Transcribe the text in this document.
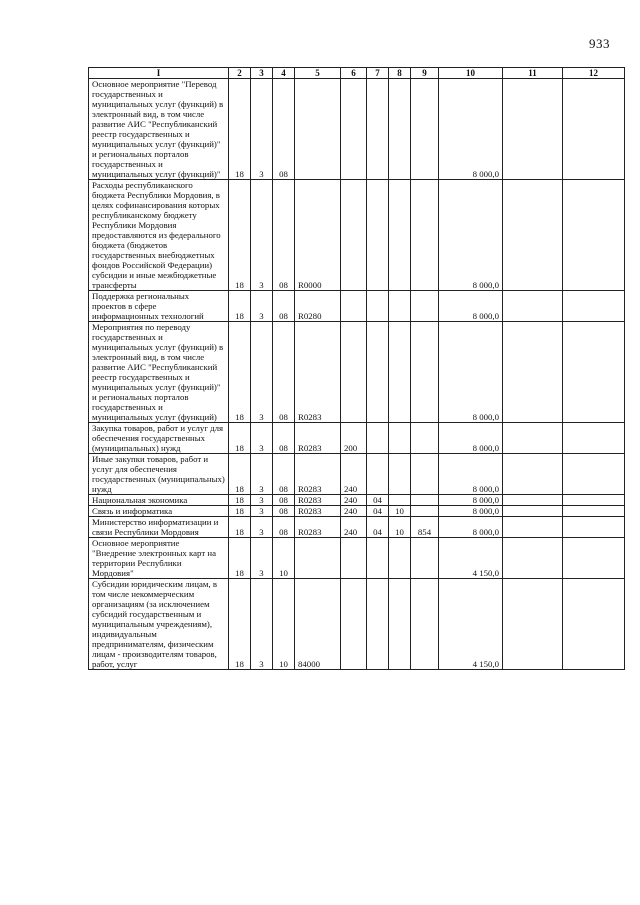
933
I	2	3	4	5	6	7	8	9	10	11	12
Основное мероприятие "Перевод государственных и муниципальных услуг (функций) в электронный вид, в том числе развитие АИС "Республиканский реестр государственных и муниципальных услуг (функций)" и региональных порталов государственных и муниципальных услуг (функций)"	18	3	08						8 000,0		
Расходы республиканского бюджета Республики Мордовия, в целях софинансирования которых республиканскому бюджету Республики Мордовия предоставляются из федерального бюджета (бюджетов государственных внебюджетных фондов Российской Федерации) субсидии и иные межбюджетные трансферты	18	3	08	R0000					8 000,0		
Поддержка региональных проектов в сфере информационных технологий	18	3	08	R0280					8 000,0		
Мероприятия по переводу государственных и муниципальных услуг (функций) в электронный вид, в том числе развитие АИС "Республиканский реестр государственных и муниципальных услуг (функций)" и региональных порталов государственных и муниципальных услуг (функций)	18	3	08	R0283					8 000,0		
Закупка товаров, работ и услуг для обеспечения государственных (муниципальных) нужд	18	3	08	R0283	200				8 000,0		
Иные закупки товаров, работ и услуг для обеспечения государственных (муниципальных) нужд	18	3	08	R0283	240				8 000,0		
Национальная экономика	18	3	08	R0283	240	04			8 000,0		
Связь и информатика	18	3	08	R0283	240	04	10		8 000,0		
Министерство информатизации и связи Республики Мордовия	18	3	08	R0283	240	04	10	854	8 000,0		
Основное мероприятие "Внедрение электронных карт на территории Республики Мордовия"	18	3	10						4 150,0		
Субсидии юридическим лицам, в том числе некоммерческим организациям (за исключением субсидий государственным и муниципальным учреждениям), индивидуальным предпринимателям, физическим лицам - производителям товаров, работ, услуг	18	3	10	84000					4 150,0		
